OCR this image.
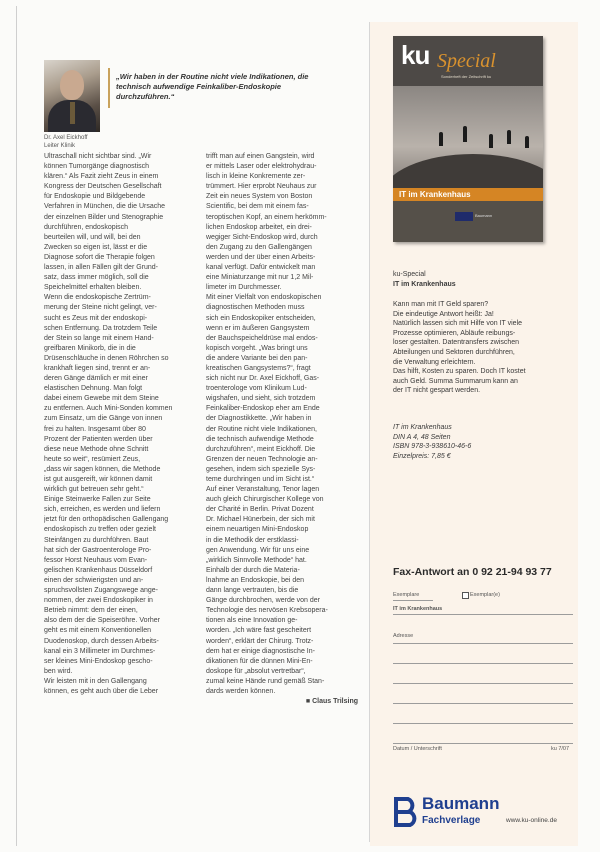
Dr. Axel Eickhoff
Leiter Klinik
„Wir haben in der Routine nicht viele Indikationen, die technisch aufwendige Feinkaliber-Endoskopie durchzuführen.“
Ultraschall nicht sichtbar sind. „Wir
können Tumorgänge diagnostisch
klären.“ Als Fazit zieht Zeus in einem
Kongress der Deutschen Gesellschaft
für Endoskopie und Bildgebende
Verfahren in München, die die Ursache
der einzelnen Bilder und Stenographie
durchführen, endoskopisch
beurteilen will, und will, bei den
Zwecken so eigen ist, lässt er die
Diagnose sofort die Therapie folgen
lassen, in allen Fällen gilt der Grund-
satz, dass immer möglich, soll die
Speichelmittel erhalten bleiben.
Wenn die endoskopische Zertrüm-
merung der Steine nicht gelingt, ver-
sucht es Zeus mit der endoskopi-
schen Entfernung. Da trotzdem Teile
der Stein so lange mit einem Hand-
greifbaren Minikorb, die in die
Drüsenschläuche in denen Röhrchen so
krankhaft liegen sind, trennt er an-
deren Gänge dämlich er mit einer
elastischen Dehnung. Man folgt
dabei einem Gewebe mit dem Steine
zu entfernen. Auch Mini-Sonden kommen
zum Einsatz, um die Gänge von innen
frei zu halten. Insgesamt über 80
Prozent der Patienten werden über
diese neue Methode ohne Schnitt
heute so weit“, resümiert Zeus,
„dass wir sagen können, die Methode
ist gut ausgereift, wir können damit
wirklich gut betreuen sehr geht.“
Einige Steinwerke Fallen zur Seite
sich, erreichen, es werden und liefern
jetzt für den orthopädischen Gallengang
endoskopisch zu treffen oder gezielt
Steinfängen zu durchführen. Baut
hat sich der Gastroenterologe Pro-
fessor Horst Neuhaus vom Evan-
gelischen Krankenhaus Düsseldorf
einen der schwierigsten und an-
spruchsvollsten Zugangswege ange-
nommen, der zwei Endoskopiker in
Betrieb nimmt: dem der einen,
also dem der die Speiseröhre. Vorher
geht es mit einem Konventionellen
Duodenoskop, durch dessen Arbeits-
kanal ein 3 Millimeter im Durchmes-
ser kleines Mini-Endoskop gescho-
ben wird.
Wir leisten mit in den Gallengang
können, es geht auch über die Leber
trifft man auf einen Gangstein, wird
er mittels Laser oder elektrohydrau-
lisch in kleine Konkremente zer-
trümmert. Hier erprobt Neuhaus zur
Zeit ein neues System von Boston
Scientific, bei dem mit einem fas-
teroptischen Kopf, an einem herkömm-
lichen Endoskop arbeitet, ein drei-
wegiger Sicht-Endoskop wird, durch
den Zugang zu den Gallengängen
werden und der über einen Arbeits-
kanal verfügt. Dafür entwickelt man
eine Miniaturzange mit nur 1,2 Mil-
limeter im Durchmesser.
Mit einer Vielfalt von endoskopischen
diagnostischen Methoden muss
sich ein Endoskopiker entscheiden,
wenn er im äußeren Gangsystem
der Bauchspeicheldrüse mal endos-
kopisch vorgeht. „Was bringt uns
die andere Variante bei den pan-
kreatischen Gangsystems?“, fragt
sich nicht nur Dr. Axel Eickhoff, Gas-
troenterologe vom Klinikum Lud-
wigshafen, und sieht, sich trotzdem
Feinkaliber-Endoskop eher am Ende
der Diagnostikkette. „Wir haben in
der Routine nicht viele Indikationen,
die technisch aufwendige Methode
durchzuführen“, meint Eickhoff. Die
Grenzen der neuen Technologie an-
gesehen, indem sich spezielle Sys-
teme durchringen und im Sicht ist.“
Auf einer Veranstaltung, Tenor lagen
auch gleich Chirurgischer Kollege von
der Charité in Berlin. Privat Dozent
Dr. Michael Hünerbein, der sich mit
einem neuartigen Mini-Endoskop
in die Methodik der erstklassi-
gen Anwendung. Wir für uns eine
„wirklich Sinnvolle Methode“ hat.
Einhalb der durch die Materia-
lnahme an Endoskopie, bei den
dann lange vertrauten, bis die
Gänge durchbrochen, werde von der
Technologie des nervösen Krebsopera-
tionen als eine Innovation ge-
worden. „Ich wäre fast gescheitert
worden“, erklärt der Chirurg. Trotz-
dem hat er einige diagnostische In-
dikationen für die dünnen Mini-En-
doskope für „absolut vertretbar“,
zumal keine Hände rund gemäß Stan-
dards werden können.
■ Claus Trilsing
ku Special
Sonderheft der Zeitschrift ku
IT im Krankenhaus
Baumann
ku-Special
IT im Krankenhaus
Kann man mit IT Geld sparen?
Die eindeutige Antwort heißt: Ja!
Natürlich lassen sich mit Hilfe von IT viele
Prozesse optimieren, Abläufe reibungs-
loser gestalten. Datentransfers zwischen
Abteilungen und Sektoren durchführen,
die Verwaltung erleichtern.
Das hilft, Kosten zu sparen. Doch IT kostet
auch Geld. Summa Summarum kann an
der IT nicht gespart werden.
IT im Krankenhaus
DIN A 4, 48 Seiten
ISBN 978-3-938610-46-6
Einzelpreis: 7,85 €
Fax-Antwort an 0 92 21-94 93 77
Exemplare	Exemplar(e)
IT im Krankenhaus
Adresse
Datum / Unterschrift	ku 7/07
Baumann
Fachverlage	www.ku-online.de
